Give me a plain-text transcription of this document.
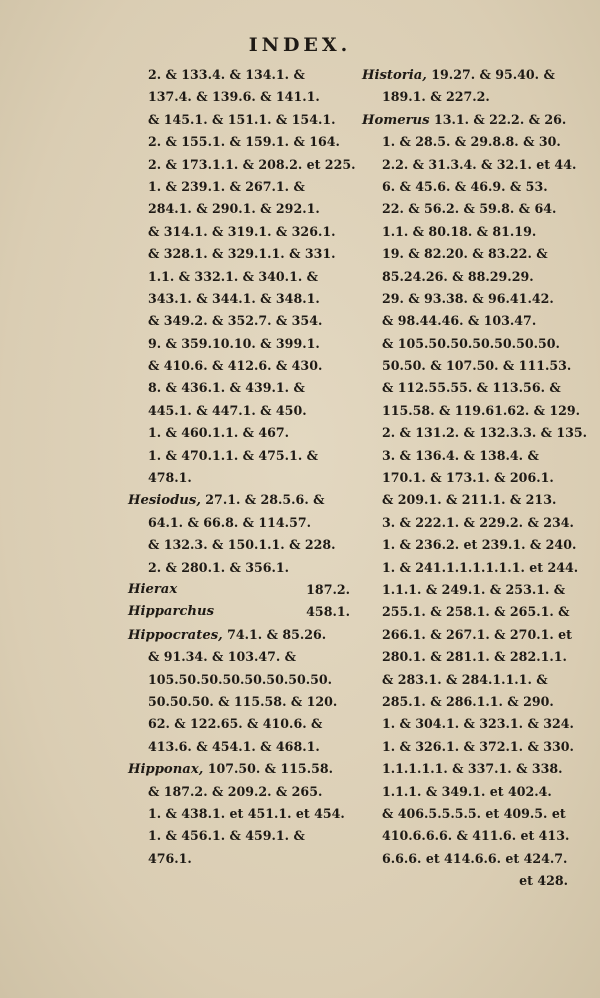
INDEX.
2. & 133.4. & 134.1. &
137.4. & 139.6. & 141.1.
& 145.1. & 151.1. & 154.1.
2. & 155.1. & 159.1. & 164.
2. & 173.1.1. & 208.2. et 225.
1. & 239.1. & 267.1. &
284.1. & 290.1. & 292.1.
& 314.1. & 319.1. & 326.1.
& 328.1. & 329.1.1. & 331.
1.1. & 332.1. & 340.1. &
343.1. & 344.1. & 348.1.
& 349.2. & 352.7. & 354.
9. & 359.10.10. & 399.1.
& 410.6. & 412.6. & 430.
8. & 436.1. & 439.1. &
445.1. & 447.1. & 450.
1. & 460.1.1. & 467.
1. & 470.1.1. & 475.1. &
478.1.
Hesiodus, 27.1. & 28.5.6. &
64.1. & 66.8. & 114.57.
& 132.3. & 150.1.1. & 228.
2. & 280.1. & 356.1.
Hierax	187.2.
Hipparchus	458.1.
Hippocrates, 74.1. & 85.26.
& 91.34. & 103.47. &
105.50.50.50.50.50.50.50.
50.50.50. & 115.58. & 120.
62. & 122.65. & 410.6. &
413.6. & 454.1. & 468.1.
Hipponax, 107.50. & 115.58.
& 187.2. & 209.2. & 265.
1. & 438.1. et 451.1. et 454.
1. & 456.1. & 459.1. &
476.1.
Historia, 19.27. & 95.40. &
189.1. & 227.2.
Homerus 13.1. & 22.2. & 26.
1. & 28.5. & 29.8.8. & 30.
2.2. & 31.3.4. & 32.1. et 44.
6. & 45.6. & 46.9. & 53.
22. & 56.2. & 59.8. & 64.
1.1. & 80.18. & 81.19.
19. & 82.20. & 83.22. &
85.24.26. & 88.29.29.
29. & 93.38. & 96.41.42.
& 98.44.46. & 103.47.
& 105.50.50.50.50.50.50.
50.50. & 107.50. & 111.53.
& 112.55.55. & 113.56. &
115.58. & 119.61.62. & 129.
2. & 131.2. & 132.3.3. & 135.
3. & 136.4. & 138.4. &
170.1. & 173.1. & 206.1.
& 209.1. & 211.1. & 213.
3. & 222.1. & 229.2. & 234.
1. & 236.2. et 239.1. & 240.
1. & 241.1.1.1.1.1.1. et 244.
1.1.1. & 249.1. & 253.1. &
255.1. & 258.1. & 265.1. &
266.1. & 267.1. & 270.1. et
280.1. & 281.1. & 282.1.1.
& 283.1. & 284.1.1.1. &
285.1. & 286.1.1. & 290.
1. & 304.1. & 323.1. & 324.
1. & 326.1. & 372.1. & 330.
1.1.1.1.1. & 337.1. & 338.
1.1.1. & 349.1. et 402.4.
& 406.5.5.5.5. et 409.5. et
410.6.6.6. & 411.6. et 413.
6.6.6. et 414.6.6. et 424.7.
et 428.
